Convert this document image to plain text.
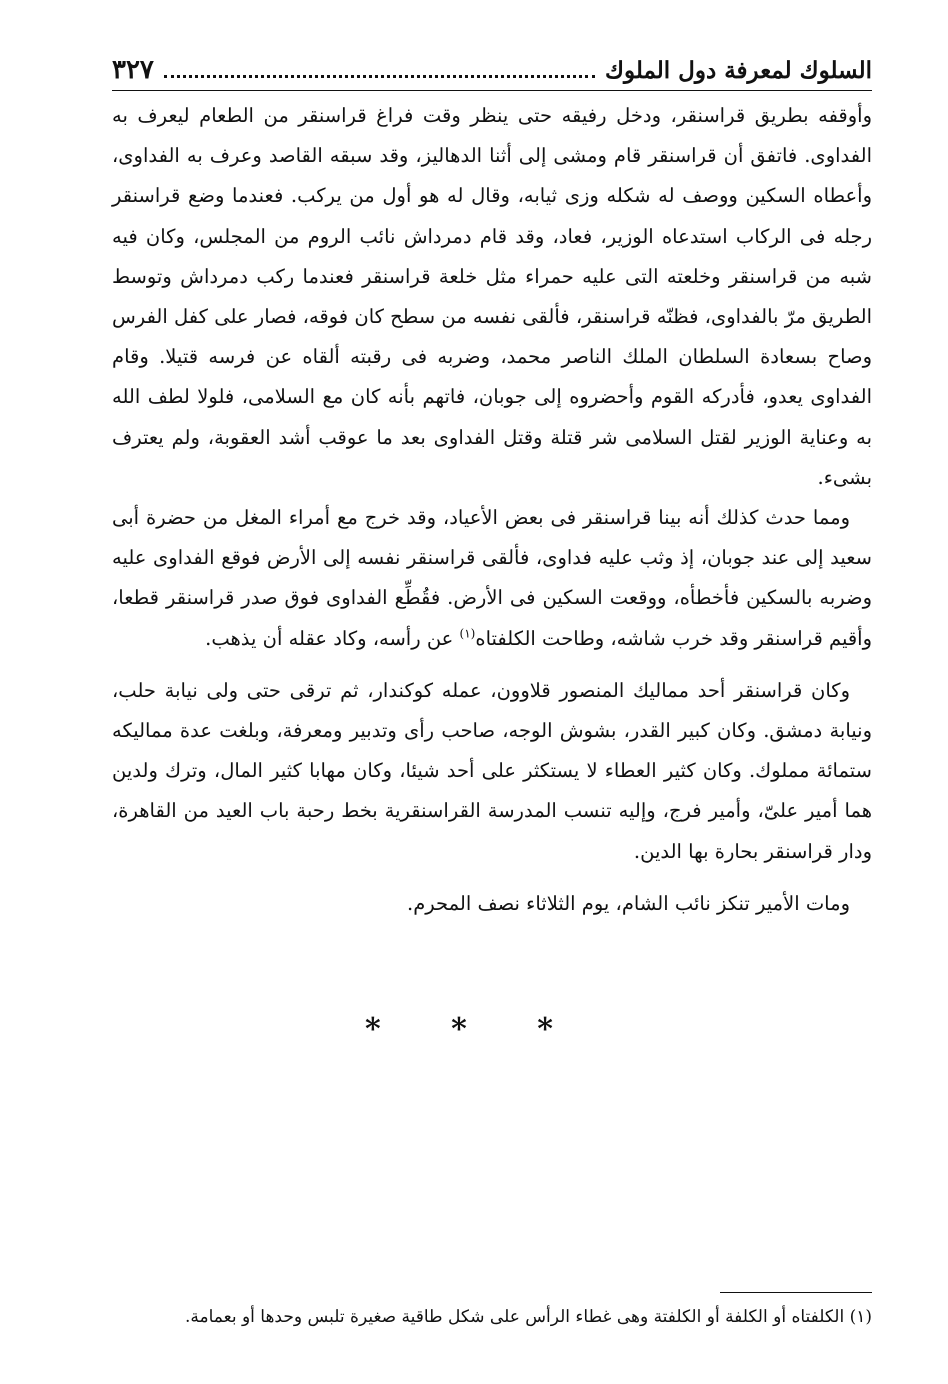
السلوك لمعرفة دول الملوك
٣٢٧

وأوقفه بطريق قراسنقر، ودخل رفيقه حتى ينظر وقت فراغ قراسنقر من الطعام ليعرف به الفداوى. فاتفق أن قراسنقر قام ومشى إلى أثنا الدهاليز، وقد سبقه القاصد وعرف به الفداوى، وأعطاه السكين ووصف له شكله وزى ثيابه، وقال له هو أول من يركب. فعندما وضع قراسنقر رجله فى الركاب استدعاه الوزير، فعاد، وقد قام دمرداش نائب الروم من المجلس، وكان فيه شبه من قراسنقر وخلعته التى عليه حمراء مثل خلعة قراسنقر فعندما ركب دمرداش وتوسط الطريق مرّ بالفداوى، فظنّه قراسنقر، فألقى نفسه من سطح كان فوقه، فصار على كفل الفرس وصاح بسعادة السلطان الملك الناصر محمد، وضربه فى رقبته ألقاه عن فرسه قتيلا. وقام الفداوى يعدو، فأدركه القوم وأحضروه إلى جوبان، فاتهم بأنه كان مع السلامى، فلولا لطف الله به وعناية الوزير لقتل السلامى شر قتلة وقتل الفداوى بعد ما عوقب أشد العقوبة، ولم يعترف بشىء.

ومما حدث كذلك أنه بينا قراسنقر فى بعض الأعياد، وقد خرج مع أمراء المغل من حضرة أبى سعيد إلى عند جوبان، إذ وثب عليه فداوى، فألقى قراسنقر نفسه إلى الأرض فوقع الفداوى عليه وضربه بالسكين فأخطأه، ووقعت السكين فى الأرض. فقُطِّع الفداوى فوق صدر قراسنقر قطعا، وأقيم قراسنقر وقد خرب شاشه، وطاحت الكلفتاه$^{(١)}$ عن رأسه، وكاد عقله أن يذهب.

وكان قراسنقر أحد مماليك المنصور قلاوون، عمله كوكندار، ثم ترقى حتى ولى نيابة حلب، ونيابة دمشق. وكان كبير القدر، بشوش الوجه، صاحب رأى وتدبير ومعرفة، وبلغت عدة مماليكه ستمائة مملوك. وكان كثير العطاء لا يستكثر على أحد شيئا، وكان مهابا كثير المال، وترك ولدين هما أمير علىّ، وأمير فرج، وإليه تنسب المدرسة القراسنقرية بخط رحبة باب العيد من القاهرة، ودار قراسنقر بحارة بها الدين.

ومات الأمير تنكز نائب الشام، يوم الثلاثاء نصف المحرم.

* * *
(١) الكلفتاه أو الكلفة أو الكلفتة وهى غطاء الرأس على شكل طاقية صغيرة تلبس وحدها أو بعمامة.
